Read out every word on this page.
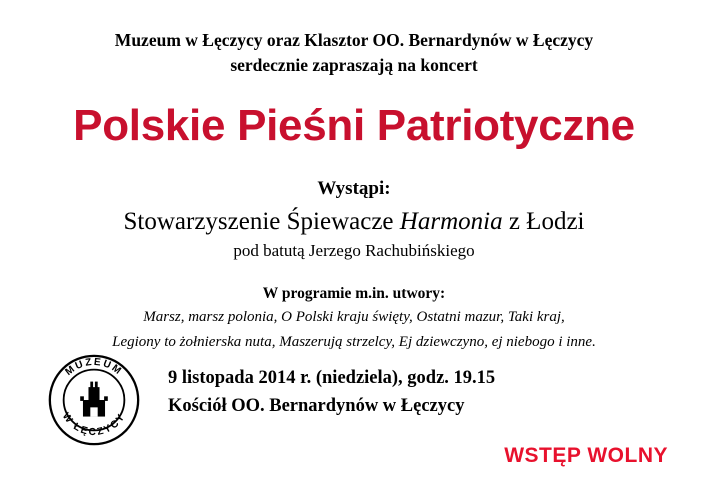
Muzeum w Łęczycy oraz Klasztor OO. Bernardynów w Łęczycy
serdecznie zapraszają na koncert
Polskie Pieśni Patriotyczne
Wystąpi:
Stowarzyszenie Śpiewacze Harmonia z Łodzi
pod batutą Jerzego Rachubińskiego
W programie m.in. utwory:
Marsz, marsz polonia, O Polski kraju święty, Ostatni mazur, Taki kraj,
Legiony to żołnierska nuta, Maszerują strzelcy, Ej dziewczyno, ej niebogo i inne.
MUZEUM
W ŁĘCZYCY
9 listopada 2014 r. (niedziela), godz. 19.15
Kościół OO. Bernardynów w Łęczycy
WSTĘP WOLNY
